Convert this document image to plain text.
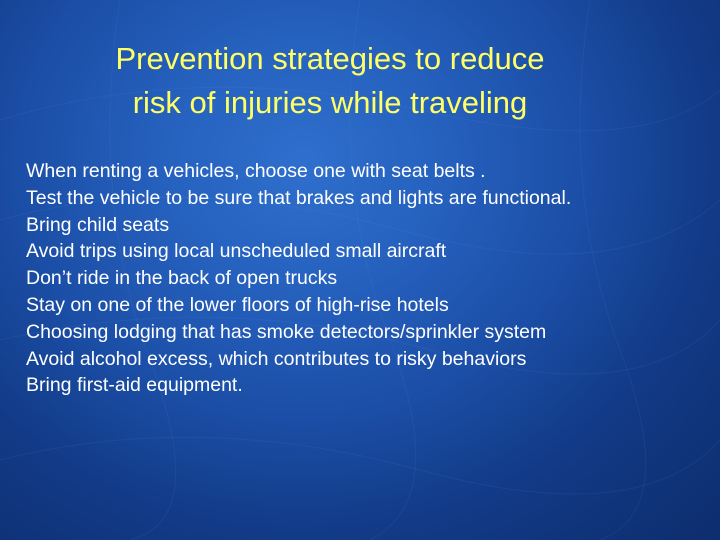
Prevention strategies to reduce
risk of injuries while traveling
When renting a vehicles, choose one with seat belts .
Test the vehicle to be sure that brakes and lights are functional.
Bring child seats
Avoid trips using local unscheduled small aircraft
Don’t ride in the back of open trucks
Stay on one of the lower floors of high-rise hotels
Choosing lodging that has smoke detectors/sprinkler system
Avoid alcohol excess, which contributes to risky behaviors
Bring first-aid equipment.
